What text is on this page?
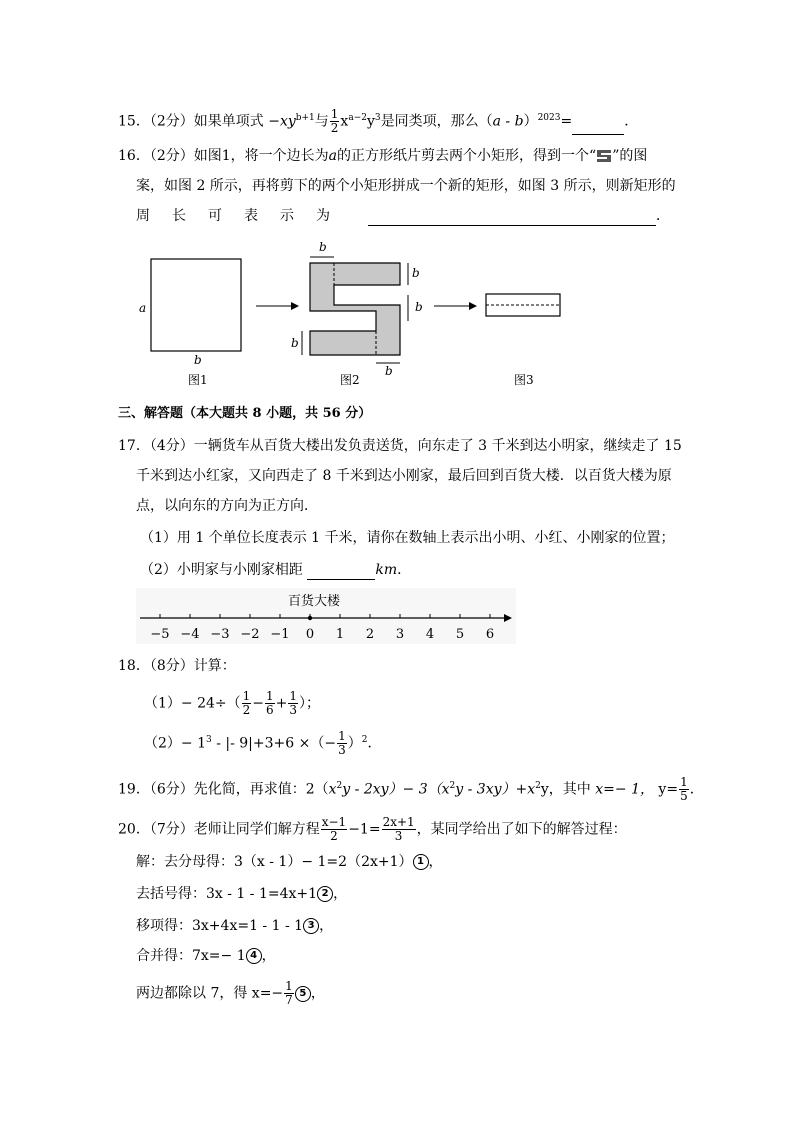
15．（2分）如果单项式 $-xy^{b+1}$与 $\frac{1}{2} x^{a-2}y^3$是同类项，那么（a - b）$^{2023}$=	．
16．（2分）如图1，将一个边长为a的正方形纸片剪去两个小矩形，得到一个“ ”的图
案，如图 2 所示，再将剪下的两个小矩形拼成一个新的矩形，如图 3 所示，则新矩形的
周 长 可 表 示 为	．
a
b
图1
b
b
b
b
b
图2	图3
三、解答题（本大题共 8 小题，共 56 分）
17．（4分）一辆货车从百货大楼出发负责送货，向东走了 3 千米到达小明家，继续走了 15
千米到达小红家，又向西走了 8 千米到达小刚家，最后回到百货大楼．以百货大楼为原
点，以向东的方向为正方向．
（1）用 1 个单位长度表示 1 千米，请你在数轴上表示出小明、小红、小刚家的位置；
（2）小明家与小刚家相距	km．
百货大楼
−5 −4 −3 −2 −1 0 1 2 3 4 5 6
18．（8分）计算：
$(1)- 24\div( \frac{1}{2} - \frac{1}{6} + \frac{1}{3}$ ）；
$(2)- 1^3$ - |- 9|+3+6 ×（− $\frac{1}{3} )^2$．
19．（6分）先化简，再求值：$2(x^2y - 2xy)- 3(x^2y - 3xy)+x^2y$，其中 x=− 1， $y= \frac{1}{5}$ ．
20．（7分）老师让同学们解方程 $\frac{x-1}{2} -1= \frac{2x+1}{3}$ ，某同学给出了如下的解答过程：
解：去分母得：3（x - 1）− 1=2（2x+1） 1 ，
去括号得：3x - 1 - 1=4x+1 2 ，
移项得：3x+4x=1 - 1 - 1 3 ，
合并得：7x=− 1 4 ，
两边都除以 7，得 $x=- \frac{1}{7} 5$ ，
